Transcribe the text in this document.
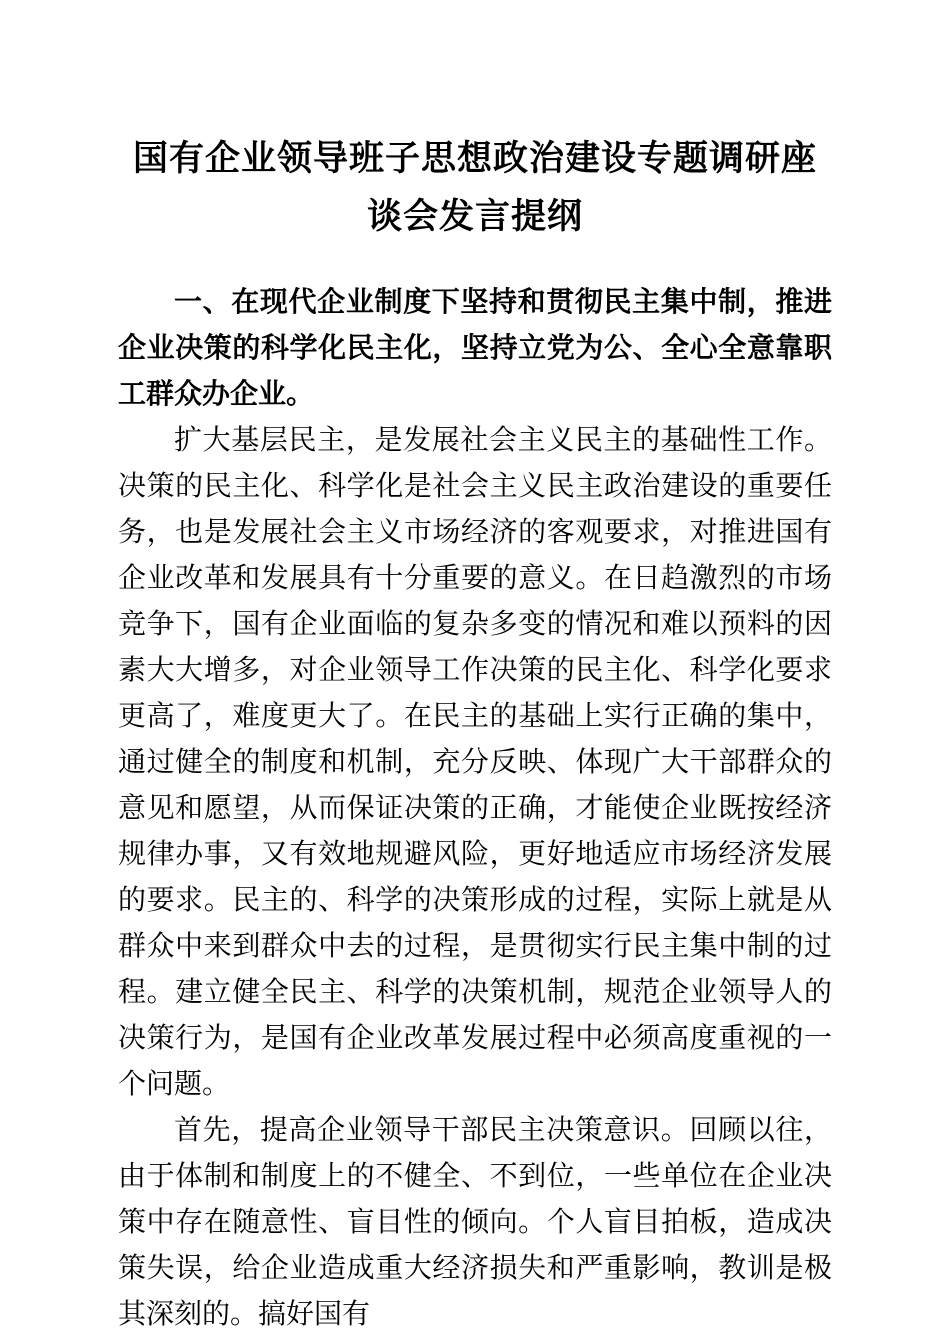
国有企业领导班子思想政治建设专题调研座谈会发言提纲

一、在现代企业制度下坚持和贯彻民主集中制，推进企业决策的科学化民主化，坚持立党为公、全心全意靠职工群众办企业。

扩大基层民主，是发展社会主义民主的基础性工作。决策的民主化、科学化是社会主义民主政治建设的重要任务，也是发展社会主义市场经济的客观要求，对推进国有企业改革和发展具有十分重要的意义。在日趋激烈的市场竞争下，国有企业面临的复杂多变的情况和难以预料的因素大大增多，对企业领导工作决策的民主化、科学化要求更高了，难度更大了。在民主的基础上实行正确的集中，通过健全的制度和机制，充分反映、体现广大干部群众的意见和愿望，从而保证决策的正确，才能使企业既按经济规律办事，又有效地规避风险，更好地适应市场经济发展的要求。民主的、科学的决策形成的过程，实际上就是从群众中来到群众中去的过程，是贯彻实行民主集中制的过程。建立健全民主、科学的决策机制，规范企业领导人的决策行为，是国有企业改革发展过程中必须高度重视的一个问题。

首先，提高企业领导干部民主决策意识。回顾以往，由于体制和制度上的不健全、不到位，一些单位在企业决策中存在随意性、盲目性的倾向。个人盲目拍板，造成决策失误，给企业造成重大经济损失和严重影响，教训是极其深刻的。搞好国有
